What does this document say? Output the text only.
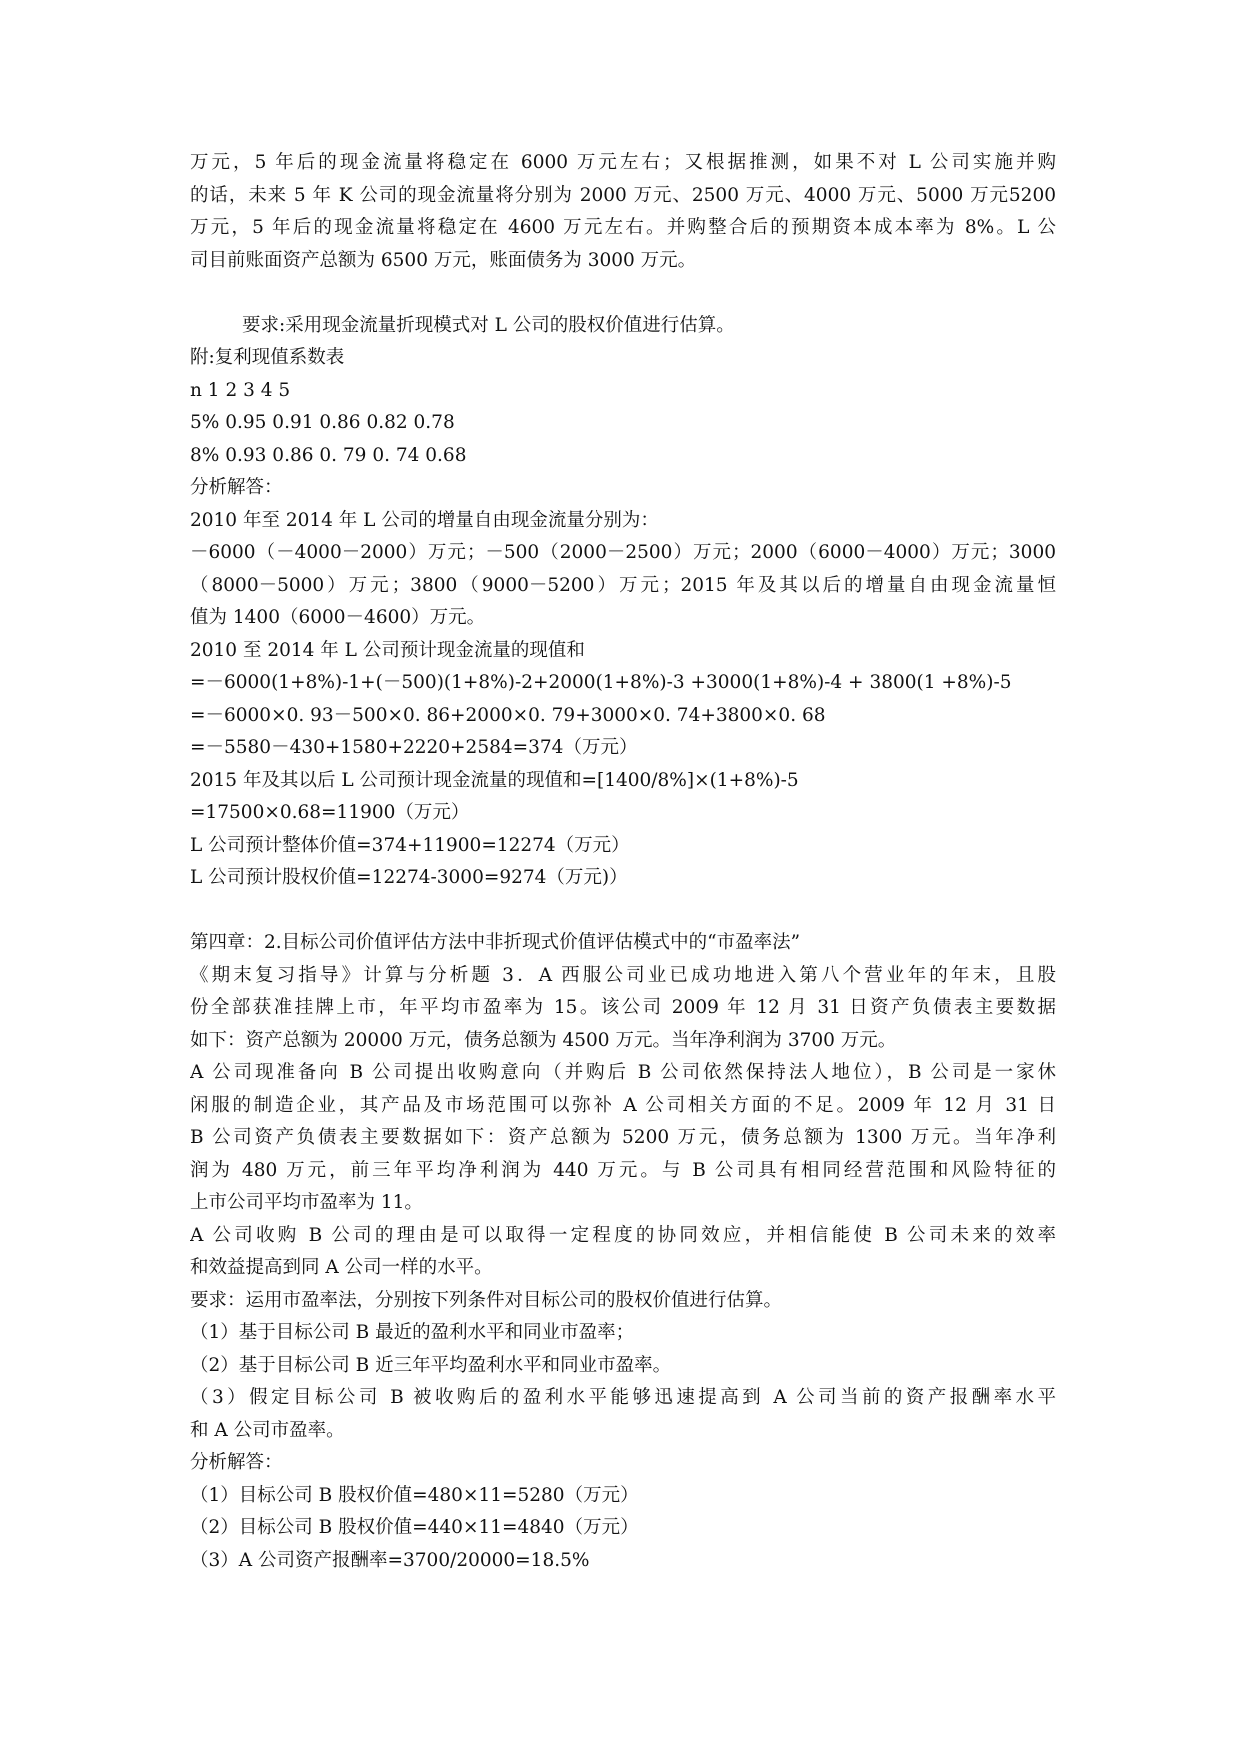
万元，5 年后的现金流量将稳定在 6000 万元左右；又根据推测，如果不对 L 公司实施并购
的话，未来 5 年 K 公司的现金流量将分别为 2000 万元、2500 万元、4000 万元、5000 万元5200
万元，5 年后的现金流量将稳定在 4600 万元左右。并购整合后的预期资本成本率为 8%。L 公
司目前账面资产总额为 6500 万元，账面债务为 3000 万元。
要求:采用现金流量折现模式对 L 公司的股权价值进行估算。
附:复利现值系数表
n 1 2 3 4 5
5% 0.95 0.91 0.86 0.82 0.78
8% 0.93 0.86 0. 79 0. 74 0.68
分析解答：
2010 年至 2014 年 L 公司的增量自由现金流量分别为：
－6000（－4000－2000）万元；－500（2000－2500）万元；2000（6000－4000）万元；3000
（8000－5000）万元；3800（9000－5200）万元；2015 年及其以后的增量自由现金流量恒
值为 1400（6000－4600）万元。
2010 至 2014 年 L 公司预计现金流量的现值和
=－6000(1+8%)-1+(－500)(1+8%)-2+2000(1+8%)-3 +3000(1+8%)-4 + 3800(1 +8%)-5
=－6000×0. 93－500×0. 86+2000×0. 79+3000×0. 74+3800×0. 68
=－5580－430+1580+2220+2584=374（万元）
2015 年及其以后 L 公司预计现金流量的现值和=[1400/8%]×(1+8%)-5
=17500×0.68=11900（万元）
L 公司预计整体价值=374+11900=12274（万元）
L 公司预计股权价值=12274-3000=9274（万元)）
第四章：2.目标公司价值评估方法中非折现式价值评估模式中的“市盈率法”
《期末复习指导》计算与分析题 3．A 西服公司业已成功地进入第八个营业年的年末，且股
份全部获准挂牌上市，年平均市盈率为 15。该公司 2009 年 12 月 31 日资产负债表主要数据
如下：资产总额为 20000 万元，债务总额为 4500 万元。当年净利润为 3700 万元。
A 公司现准备向 B 公司提出收购意向（并购后 B 公司依然保持法人地位），B 公司是一家休
闲服的制造企业，其产品及市场范围可以弥补 A 公司相关方面的不足。2009 年 12 月 31 日
B 公司资产负债表主要数据如下：资产总额为 5200 万元，债务总额为 1300 万元。当年净利
润为 480 万元，前三年平均净利润为 440 万元。与 B 公司具有相同经营范围和风险特征的
上市公司平均市盈率为 11。
A 公司收购 B 公司的理由是可以取得一定程度的协同效应，并相信能使 B 公司未来的效率
和效益提高到同 A 公司一样的水平。
要求：运用市盈率法，分别按下列条件对目标公司的股权价值进行估算。
（1）基于目标公司 B 最近的盈利水平和同业市盈率；
（2）基于目标公司 B 近三年平均盈利水平和同业市盈率。
（3）假定目标公司 B 被收购后的盈利水平能够迅速提高到 A 公司当前的资产报酬率水平
和 A 公司市盈率。
分析解答：
（1）目标公司 B 股权价值=480×11=5280（万元）
（2）目标公司 B 股权价值=440×11=4840（万元）
（3）A 公司资产报酬率=3700/20000=18.5%
